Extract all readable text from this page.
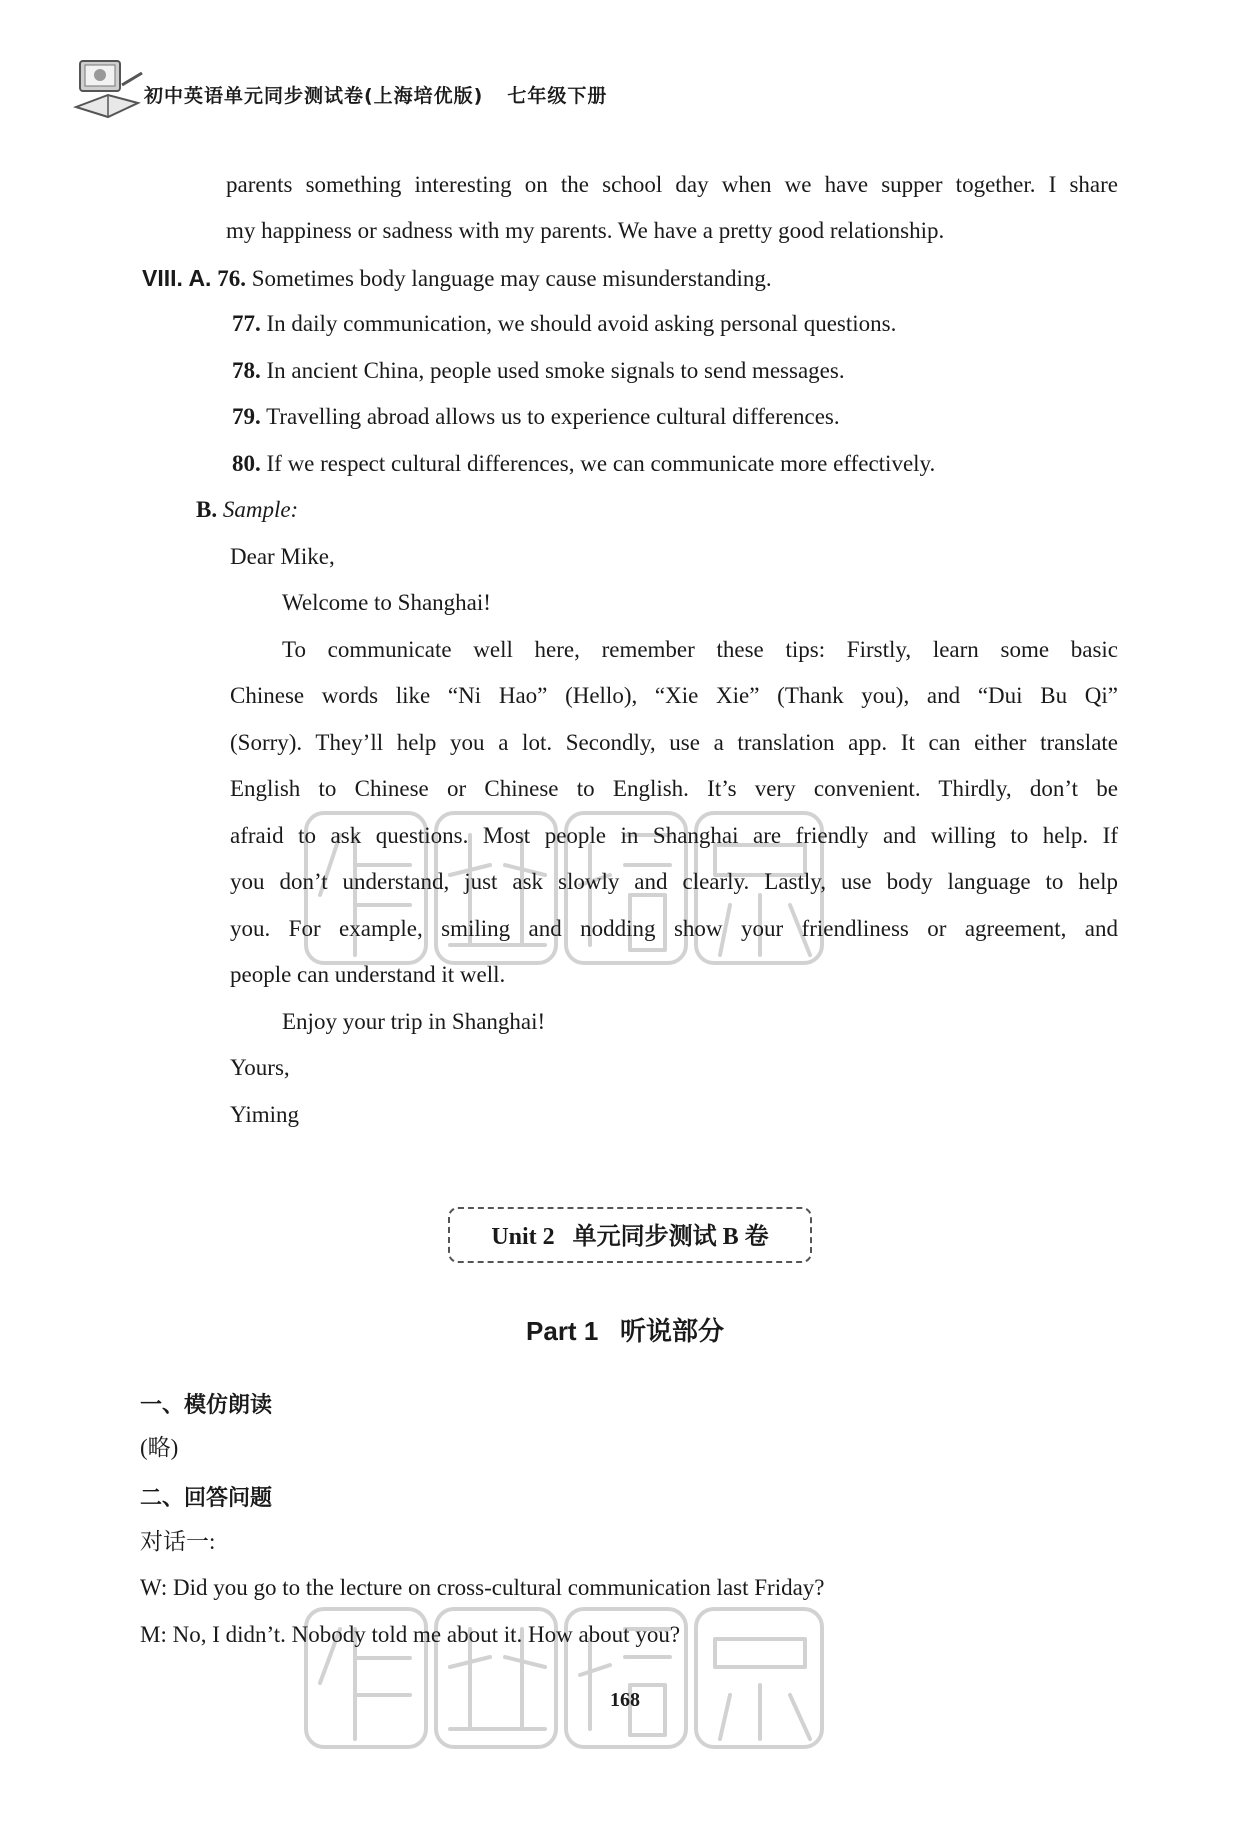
初中英语单元同步测试卷(上海培优版) 七年级下册
parents something interesting on the school day when we have supper together. I share
my happiness or sadness with my parents. We have a pretty good relationship.
VIII. A. 76. Sometimes body language may cause misunderstanding.
77. In daily communication, we should avoid asking personal questions.
78. In ancient China, people used smoke signals to send messages.
79. Travelling abroad allows us to experience cultural differences.
80. If we respect cultural differences, we can communicate more effectively.
B. Sample:
Dear Mike,
Welcome to Shanghai!
To communicate well here, remember these tips: Firstly, learn some basic
Chinese words like “Ni Hao” (Hello), “Xie Xie” (Thank you), and “Dui Bu Qi”
(Sorry). They’ll help you a lot. Secondly, use a translation app. It can either translate
English to Chinese or Chinese to English. It’s very convenient. Thirdly, don’t be
afraid to ask questions. Most people in Shanghai are friendly and willing to help. If
you don’t understand, just ask slowly and clearly. Lastly, use body language to help
you. For example, smiling and nodding show your friendliness or agreement, and
people can understand it well.
Enjoy your trip in Shanghai!
Yours,
Yiming
Unit 2 单元同步测试 B 卷
Part 1 听说部分
一、模仿朗读
(略)
二、回答问题
对话一:
W: Did you go to the lecture on cross-cultural communication last Friday?
M: No, I didn’t. Nobody told me about it. How about you?
168
